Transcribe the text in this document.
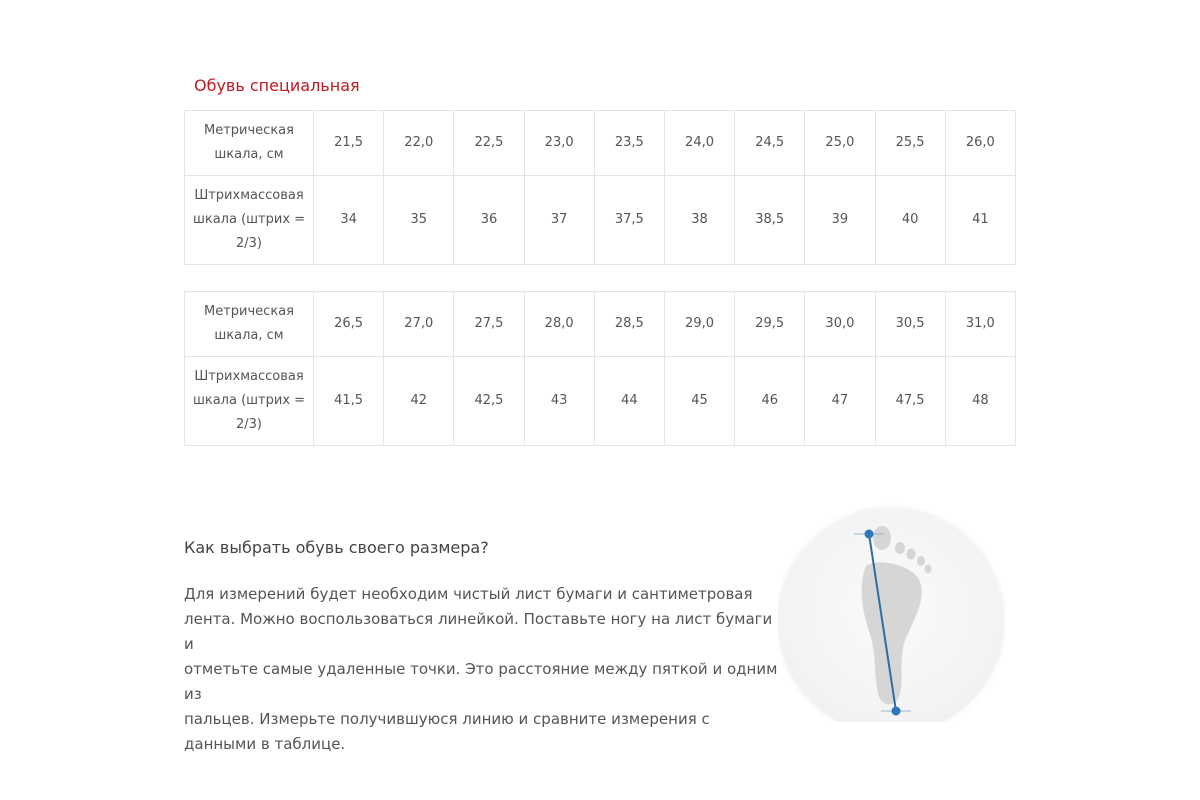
Обувь специальная
Метрическая
шкала, см	21,5	22,0	22,5	23,0	23,5	24,0	24,5	25,0	25,5	26,0
Штрихмассовая
шкала (штрих =
2/3)	34	35	36	37	37,5	38	38,5	39	40	41
Метрическая
шкала, см	26,5	27,0	27,5	28,0	28,5	29,0	29,5	30,0	30,5	31,0
Штрихмассовая
шкала (штрих =
2/3)	41,5	42	42,5	43	44	45	46	47	47,5	48
Как выбрать обувь своего размера?

Для измерений будет необходим чистый лист бумаги и сантиметровая
лента. Можно воспользоваться линейкой. Поставьте ногу на лист бумаги и
отметьте самые удаленные точки. Это расстояние между пяткой и одним из
пальцев. Измерьте получившуюся линию и сравните измерения с
данными в таблице.
